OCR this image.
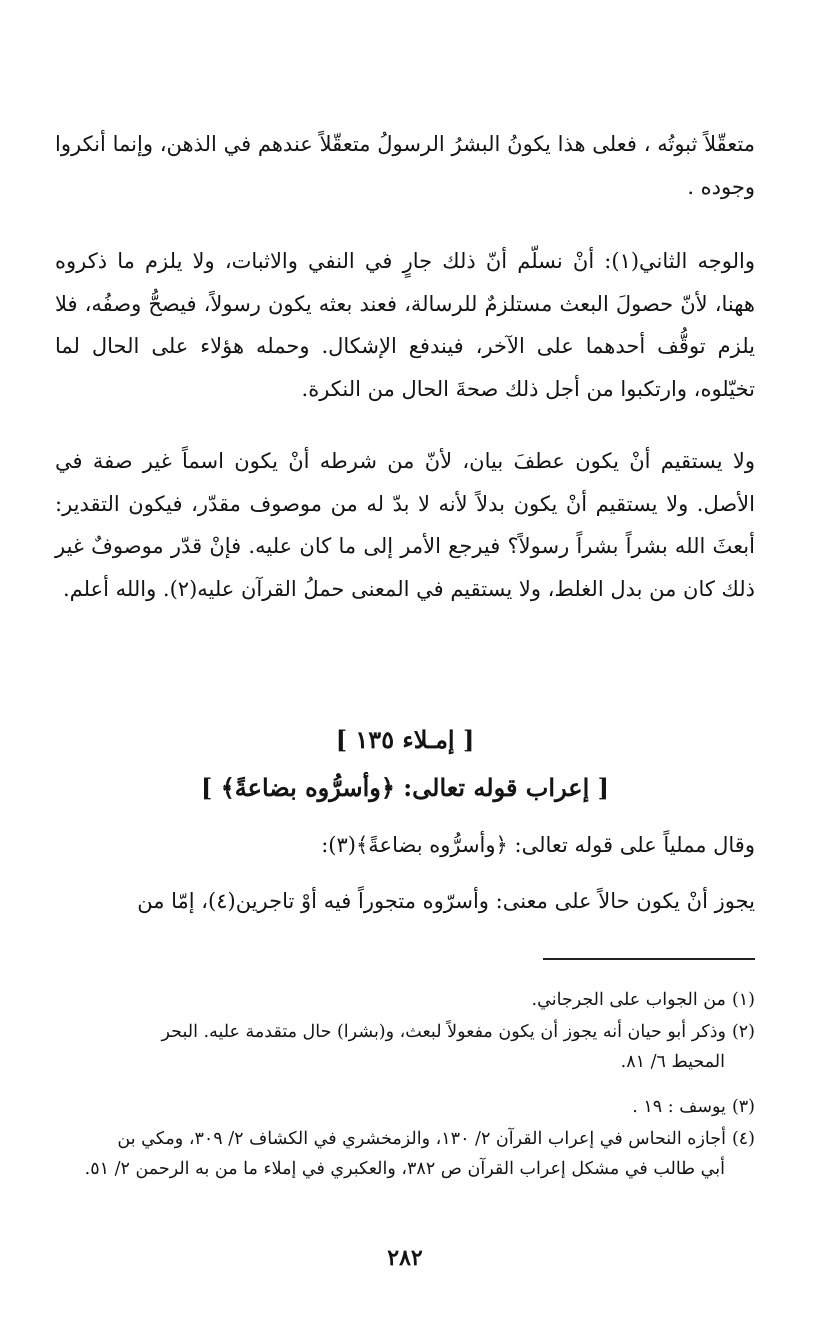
متعقّلاً ثبوتُه ، فعلى هذا يكونُ البشرُ الرسولُ متعقّلاً عندهم في الذهن، وإنما أنكروا وجوده .

والوجه الثاني(١): أنْ نسلّم أنّ ذلك جارٍ في النفي والاثبات، ولا يلزم ما ذكروه ههنا، لأنّ حصولَ البعث مستلزمٌ للرسالة، فعند بعثه يكون رسولاً، فيصحُّ وصفُه، فلا يلزم توقُّف أحدهما على الآخر، فيندفع الإشكال. وحمله هؤلاء على الحال لما تخيّلوه، وارتكبوا من أجل ذلك صحةَ الحال من النكرة.

ولا يستقيم أنْ يكون عطفَ بيان، لأنّ من شرطه أنْ يكون اسماً غير صفة في الأصل. ولا يستقيم أنْ يكون بدلاً لأنه لا بدّ له من موصوف مقدّر، فيكون التقدير: أبعثَ الله بشراً بشراً رسولاً؟ فيرجع الأمر إلى ما كان عليه. فإنْ قدّر موصوفٌ غير ذلك كان من بدل الغلط، ولا يستقيم في المعنى حملُ القرآن عليه(٢). والله أعلم.

[ إمـلاء ١٣٥ ]
[ إعراب قوله تعالى: ﴿وأسرُّوه بضاعةً﴾ ]

وقال مملياً على قوله تعالى: ﴿وأسرُّوه بضاعةً﴾(٣):

يجوز أنْ يكون حالاً على معنى: وأسرّوه متجوراً فيه أوْ تاجرين(٤)، إمّا من

(١)من الجواب على الجرجاني.
(٢)وذكر أبو حيان أنه يجوز أن يكون مفعولاً لبعث، و(بشرا) حال متقدمة عليه. البحر
المحيط ٦/ ٨١.
(٣)يوسف : ١٩ .
(٤)أجازه النحاس في إعراب القرآن ٢/ ١٣٠، والزمخشري في الكشاف ٢/ ٣٠٩، ومكي بن
أبي طالب في مشكل إعراب القرآن ص ٣٨٢، والعكبري في إملاء ما من به الرحمن ٢/ ٥١.
٢٨٢
